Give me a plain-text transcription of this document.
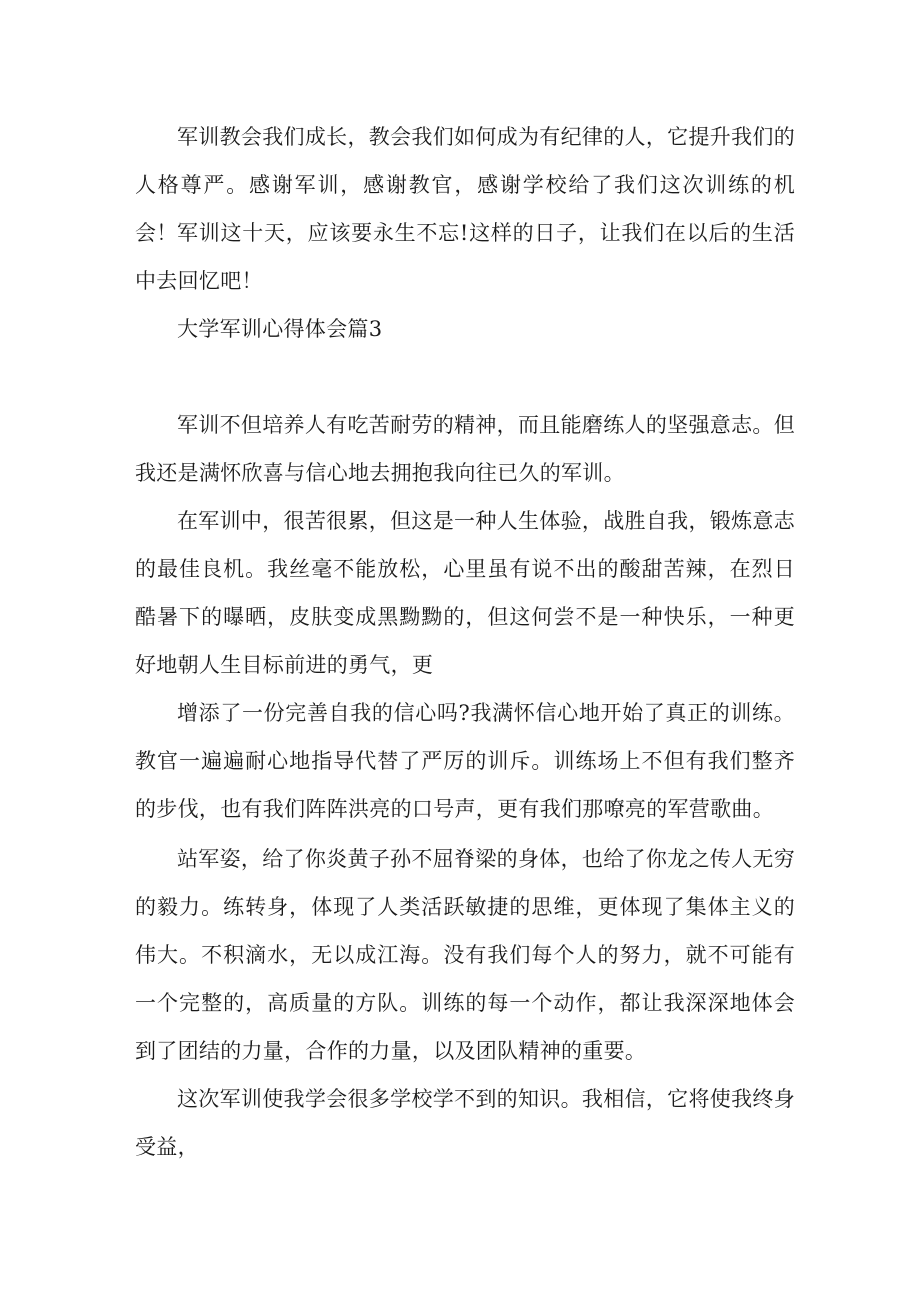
军训教会我们成长，教会我们如何成为有纪律的人，它提升我们的人格尊严。感谢军训，感谢教官，感谢学校给了我们这次训练的机会！ 军训这十天，应该要永生不忘!这样的日子，让我们在以后的生活中去回忆吧！

大学军训心得体会篇3

军训不但培养人有吃苦耐劳的精神，而且能磨练人的坚强意志。但我还是满怀欣喜与信心地去拥抱我向往已久的军训。

在军训中，很苦很累，但这是一种人生体验，战胜自我，锻炼意志的最佳良机。我丝毫不能放松，心里虽有说不出的酸甜苦辣，在烈日酷暑下的曝晒，皮肤变成黑黝黝的，但这何尝不是一种快乐，一种更好地朝人生目标前进的勇气，更

增添了一份完善自我的信心吗?我满怀信心地开始了真正的训练。教官一遍遍耐心地指导代替了严厉的训斥。训练场上不但有我们整齐的步伐，也有我们阵阵洪亮的口号声，更有我们那嘹亮的军营歌曲。

站军姿，给了你炎黄子孙不屈脊梁的身体，也给了你龙之传人无穷的毅力。练转身，体现了人类活跃敏捷的思维，更体现了集体主义的伟大。不积滴水，无以成江海。没有我们每个人的努力，就不可能有一个完整的，高质量的方队。训练的每一个动作，都让我深深地体会到了团结的力量，合作的力量，以及团队精神的重要。

这次军训使我学会很多学校学不到的知识。我相信，它将使我终身受益，
